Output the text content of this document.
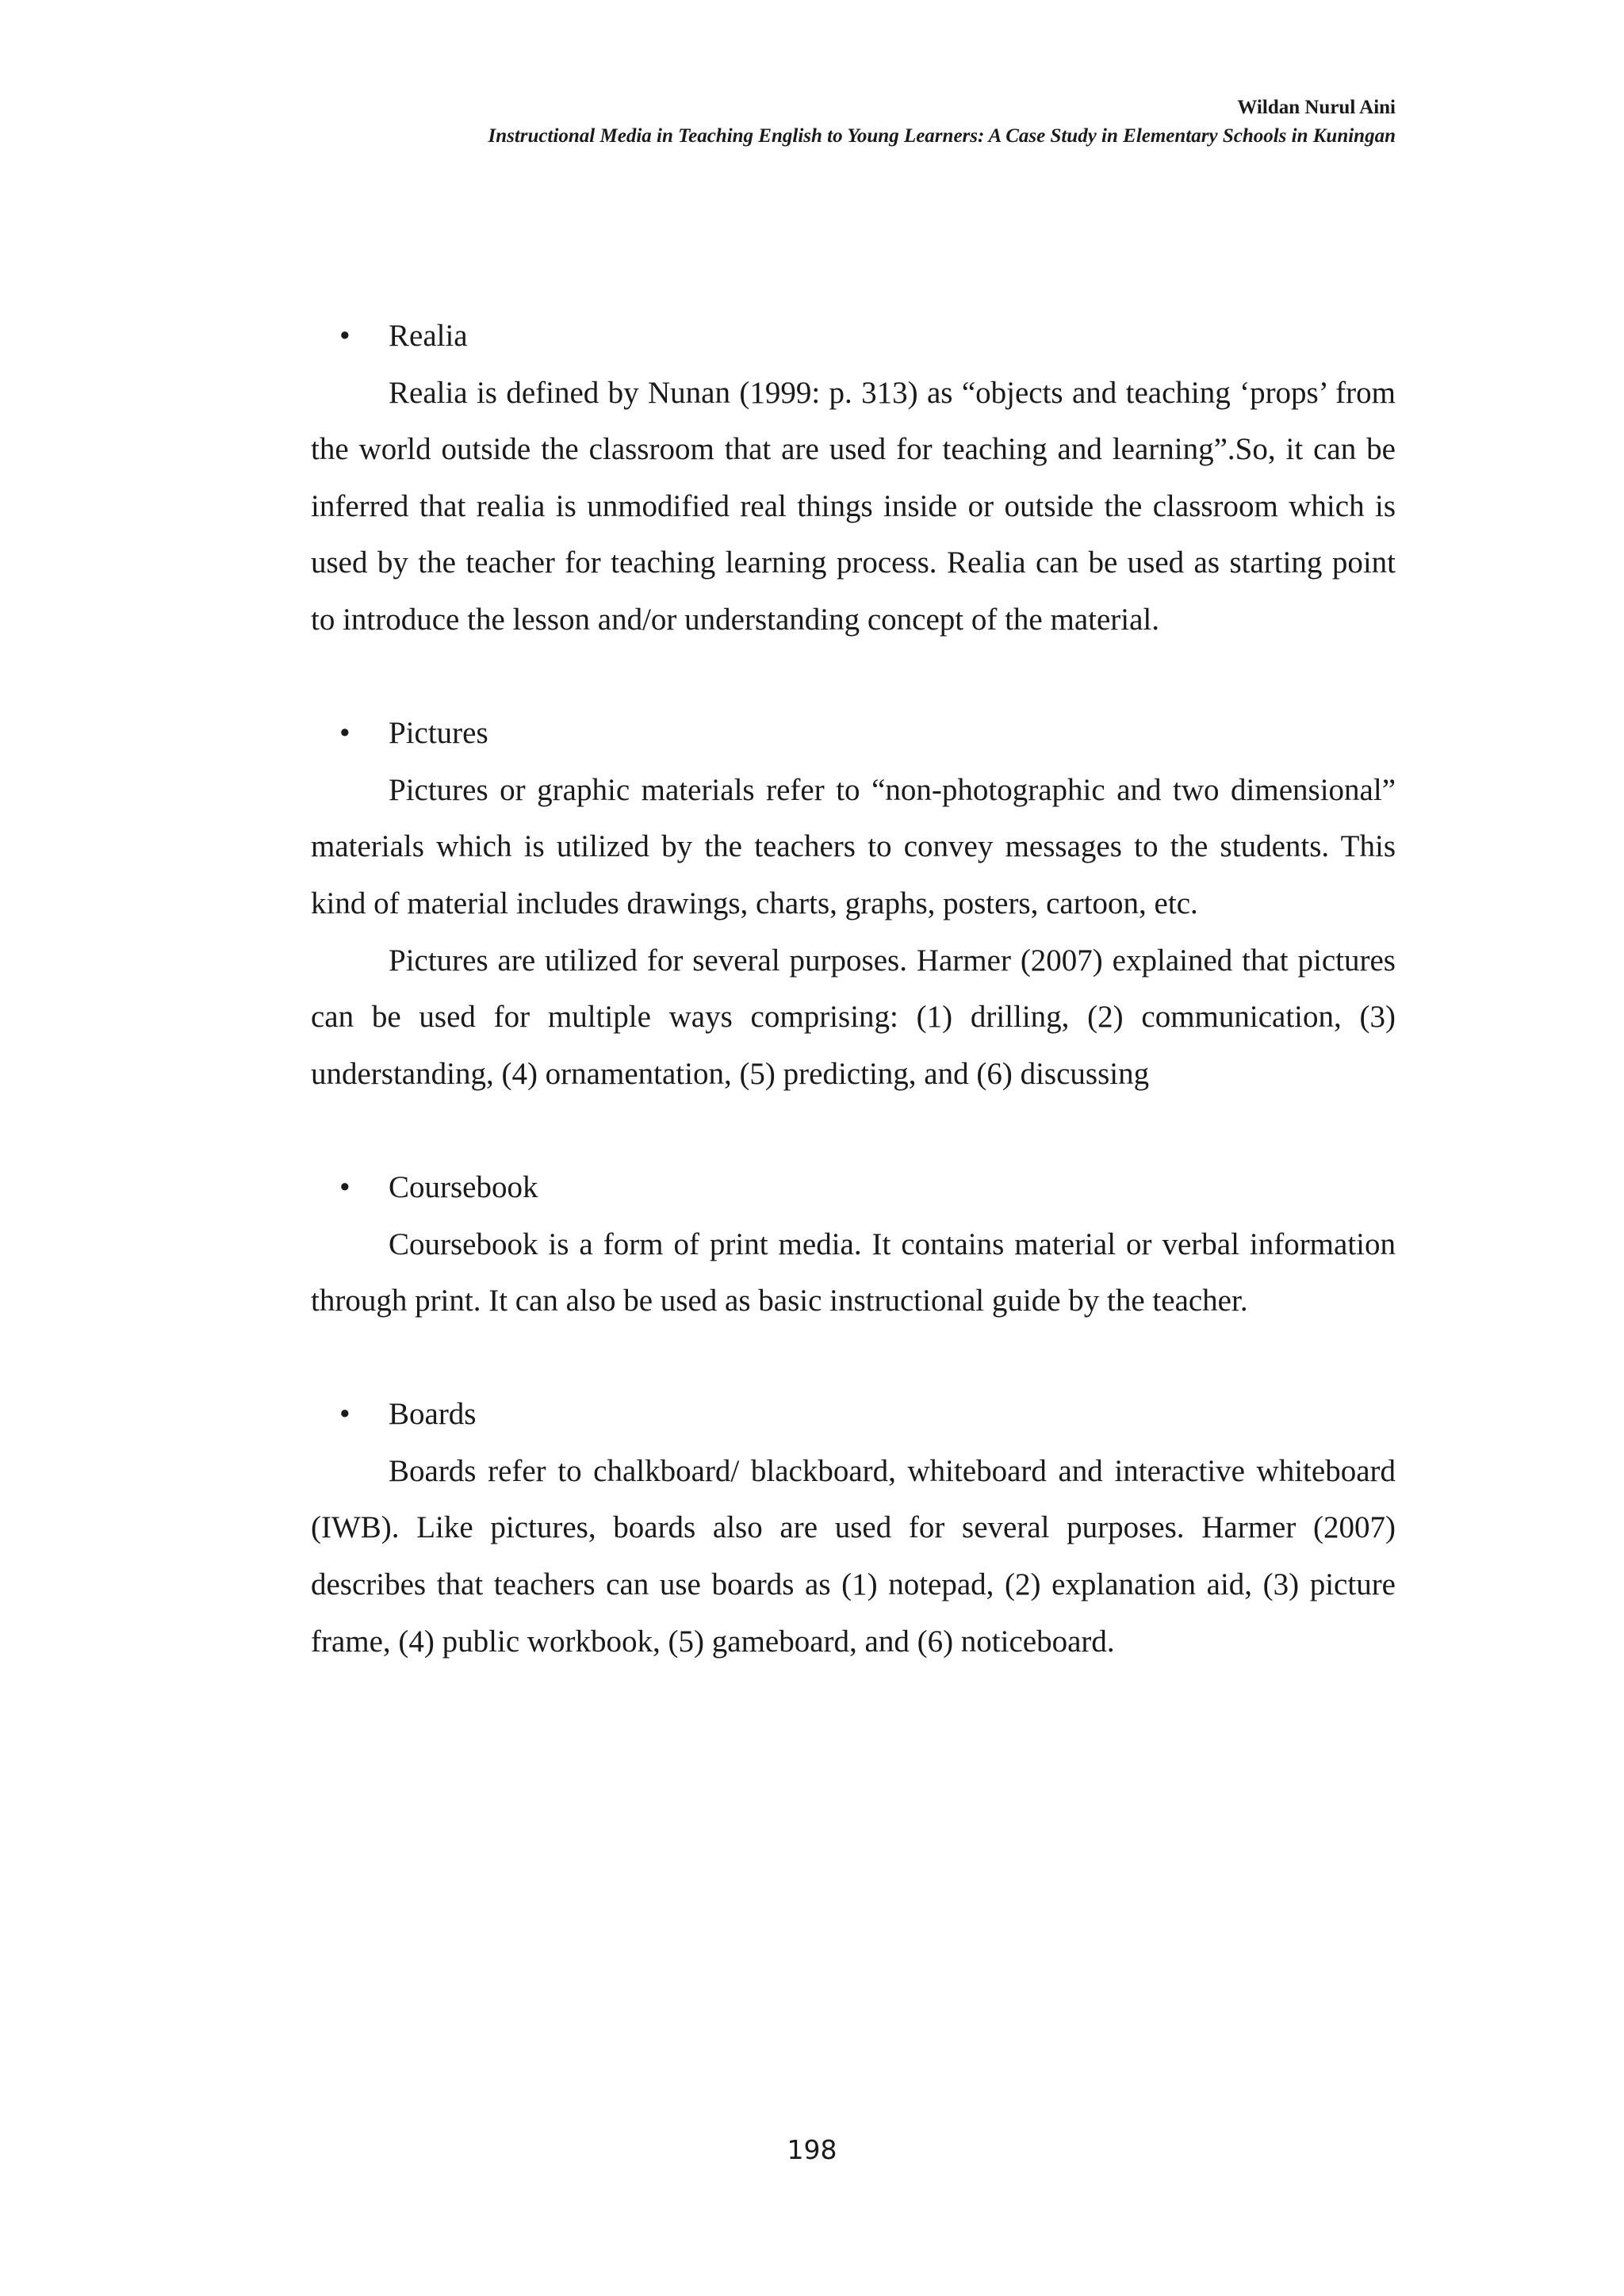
Wildan Nurul Aini
Instructional Media in Teaching English to Young Learners: A Case Study in Elementary Schools in Kuningan
• Realia

Realia is defined by Nunan (1999: p. 313) as “objects and teaching ‘props’ from the world outside the classroom that are used for teaching and learning”.So, it can be inferred that realia is unmodified real things inside or outside the classroom which is used by the teacher for teaching learning process. Realia can be used as starting point to introduce the lesson and/or understanding concept of the material.

• Pictures

Pictures or graphic materials refer to “non-photographic and two dimensional” materials which is utilized by the teachers to convey messages to the students. This kind of material includes drawings, charts, graphs, posters, cartoon, etc.

Pictures are utilized for several purposes. Harmer (2007) explained that pictures can be used for multiple ways comprising: (1) drilling, (2) communication, (3) understanding, (4) ornamentation, (5) predicting, and (6) discussing

• Coursebook

Coursebook is a form of print media. It contains material or verbal information through print. It can also be used as basic instructional guide by the teacher.

• Boards

Boards refer to chalkboard/ blackboard, whiteboard and interactive whiteboard (IWB). Like pictures, boards also are used for several purposes. Harmer (2007) describes that teachers can use boards as (1) notepad, (2) explanation aid, (3) picture frame, (4) public workbook, (5) gameboard, and (6) noticeboard.

198
